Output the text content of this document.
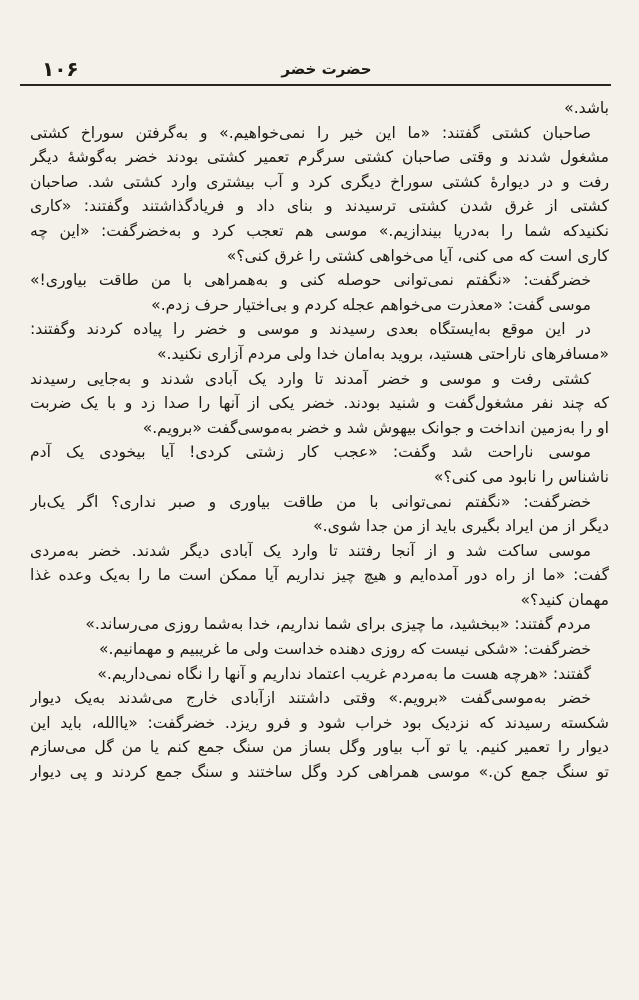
۱۰۶	حضرت خضر
باشد.»
صاحبان کشتی گفتند: «ما این خیر را نمی‌خواهیم.» و به‌گرفتن سوراخ کشتی
مشغول شدند و وقتی صاحبان کشتی سرگرم تعمیر کشتی بودند خضر به‌گوشهٔ دیگر
رفت و در دیوارهٔ کشتی سوراخ دیگری کرد و آب بیشتری وارد کشتی شد. صاحبان
کشتی از غرق شدن کشتی ترسیدند و بنای داد و فریادگذاشتند وگفتند: «کاری
نکنیدکه شما را به‌دریا بیندازیم.» موسی هم تعجب کرد و به‌خضرگفت: «این چه
کاری است که می کنی، آیا می‌خواهی کشتی را غرق کنی؟»
خضرگفت: «نگفتم نمی‌توانی حوصله کنی و به‌همراهی با من طاقت بیاوری!»
موسی گفت: «معذرت می‌خواهم عجله کردم و بی‌اختیار حرف زدم.»
در این موقع به‌ایستگاه بعدی رسیدند و موسی و خضر را پیاده کردند وگفتند:
«مسافرهای ناراحتی هستید، بروید به‌امان خدا ولی مردم آزاری نکنید.»
کشتی رفت و موسی و خضر آمدند تا وارد یک آبادی شدند و به‌جایی رسیدند
که چند نفر مشغول‌گفت و شنید بودند. خضر یکی از آنها را صدا زد و با یک ضربت
او را به‌زمین انداخت و جوانک بیهوش شد و خضر به‌موسی‌گفت «برویم.»
موسی ناراحت شد وگفت: «عجب کار زشتی کردی! آیا بیخودی یک آدم
ناشناس را نابود می کنی؟»
خضرگفت: «نگفتم نمی‌توانی با من طاقت بیاوری و صبر نداری؟ اگر یک‌بار
دیگر از من ایراد بگیری باید از من جدا شوی.»
موسی ساکت شد و از آنجا رفتند تا وارد یک آبادی دیگر شدند. خضر به‌مردی
گفت: «ما از راه دور آمده‌ایم و هیچ چیز نداریم آیا ممکن است ما را به‌یک وعده غذا
مهمان کنید؟»
مردم گفتند: «ببخشید، ما چیزی برای شما نداریم، خدا به‌شما روزی می‌رساند.»
خضرگفت: «شکی نیست که روزی دهنده خداست ولی ما غریبیم و مهمانیم.»
گفتند: «هرچه هست ما به‌مردم غریب اعتماد نداریم و آنها را نگاه نمی‌داریم.»
خضر به‌موسی‌گفت «برویم.» وقتی داشتند ازآبادی خارج می‌شدند به‌یک دیوار
شکسته رسیدند که نزدیک بود خراب شود و فرو ریزد. خضرگفت: «یاالله، باید این
دیوار را تعمیر کنیم. یا تو آب بیاور وگل بساز من سنگ جمع کنم یا من گل می‌سازم
تو سنگ جمع کن.» موسی همراهی کرد وگل ساختند و سنگ جمع کردند و پی دیوار
